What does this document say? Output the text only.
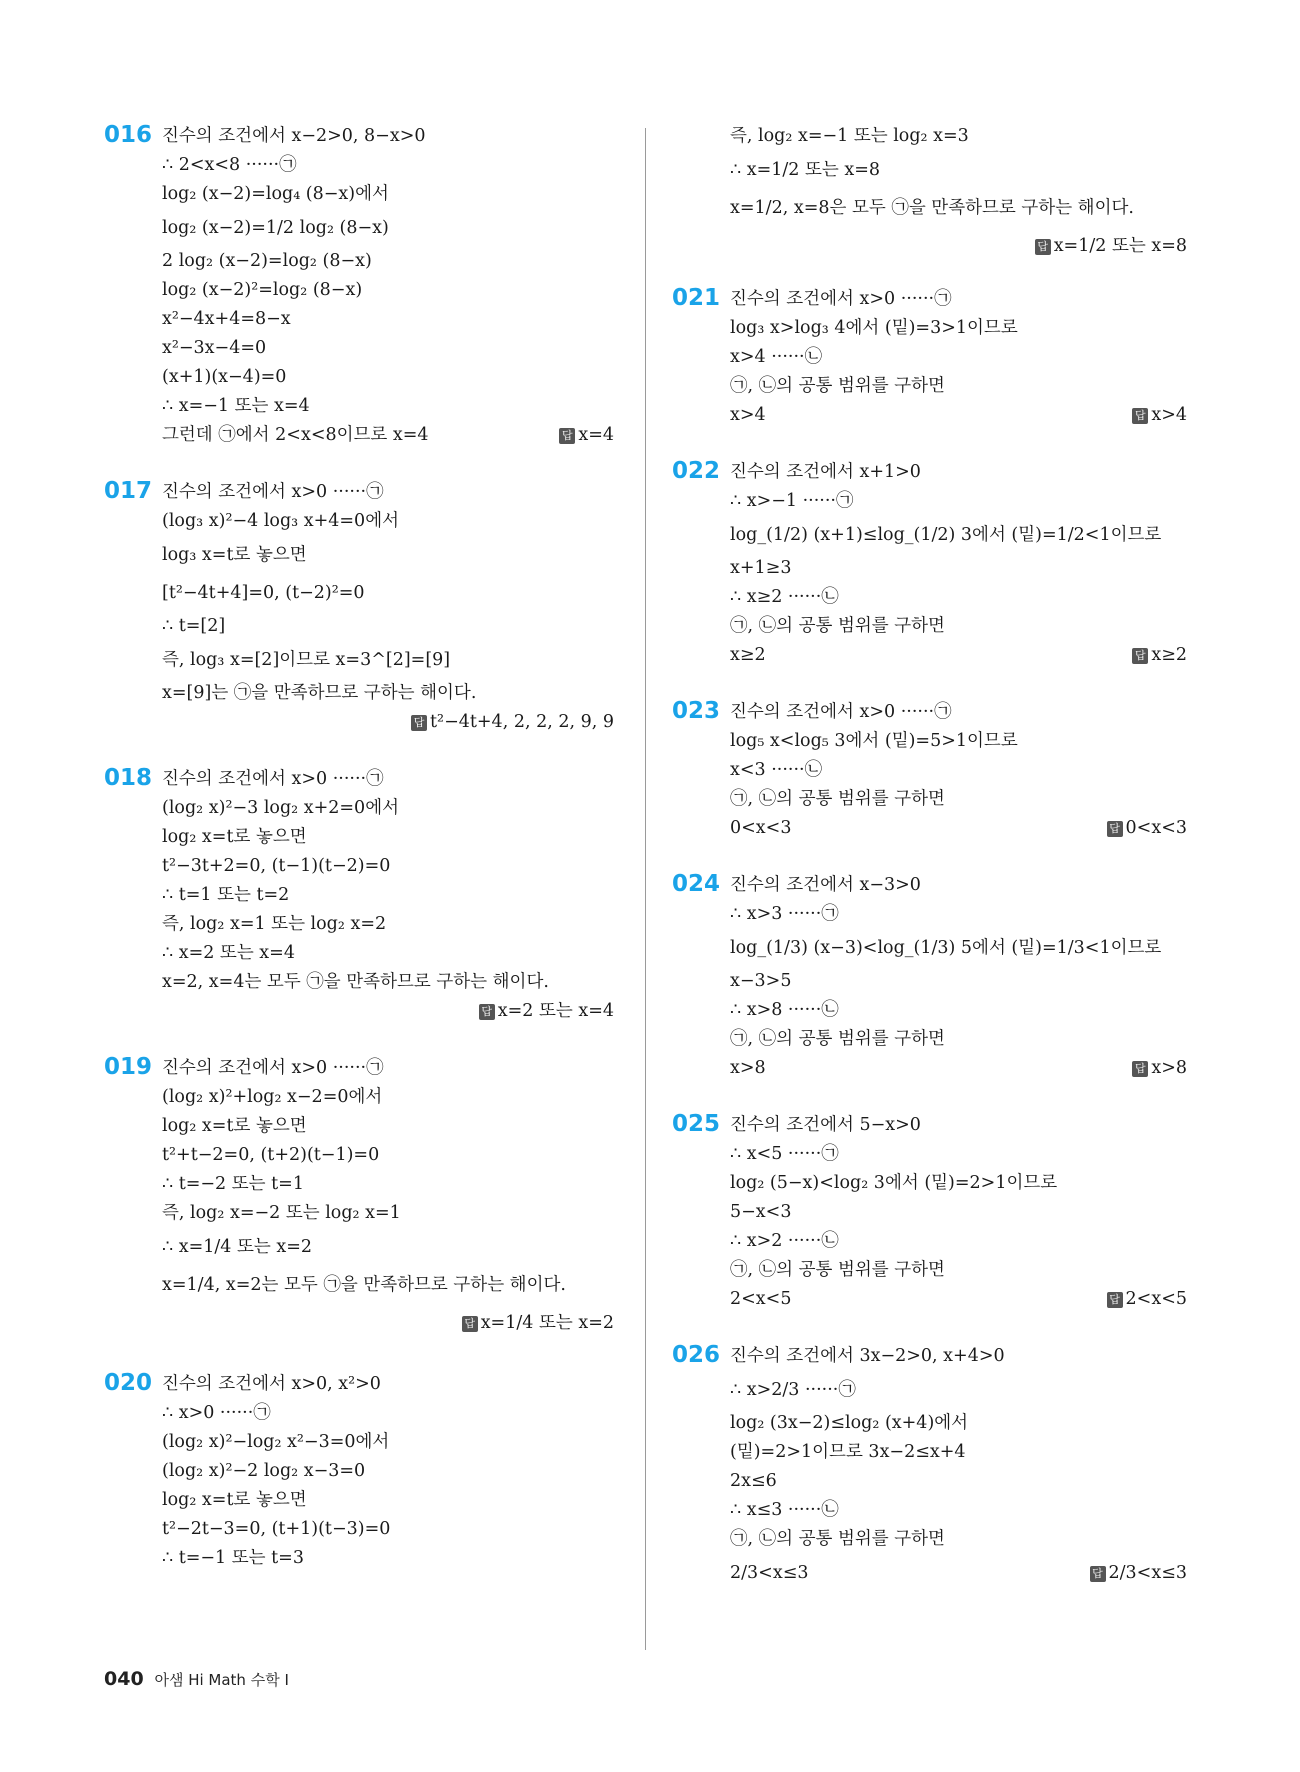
016 진수의 조건에서 x−2>0, 8−x>0
∴ 2<x<8 ······㉠
log₂ (x−2)=log₄ (8−x)에서
log₂ (x−2)=1/2 log₂ (8−x)
2 log₂ (x−2)=log₂ (8−x)
log₂ (x−2)²=log₂ (8−x)
x²−4x+4=8−x
x²−3x−4=0
(x+1)(x−4)=0
∴ x=−1 또는 x=4
그런데 ㉠에서 2<x<8이므로 x=4	답 x=4
017 진수의 조건에서 x>0 ······㉠
(log₃ x)²−4 log₃ x+4=0에서
log₃ x=t로 놓으면
[t²−4t+4]=0, (t−2)²=0
∴ t=[2]
즉, log₃ x=[2]이므로 x=3^[2]=[9]
x=[9]는 ㉠을 만족하므로 구하는 해이다.
답 t²−4t+4, 2, 2, 2, 9, 9
018 진수의 조건에서 x>0 ······㉠
(log₂ x)²−3 log₂ x+2=0에서
log₂ x=t로 놓으면
t²−3t+2=0, (t−1)(t−2)=0
∴ t=1 또는 t=2
즉, log₂ x=1 또는 log₂ x=2
∴ x=2 또는 x=4
x=2, x=4는 모두 ㉠을 만족하므로 구하는 해이다.
답 x=2 또는 x=4
019 진수의 조건에서 x>0 ······㉠
(log₂ x)²+log₂ x−2=0에서
log₂ x=t로 놓으면
t²+t−2=0, (t+2)(t−1)=0
∴ t=−2 또는 t=1
즉, log₂ x=−2 또는 log₂ x=1
∴ x=1/4 또는 x=2
x=1/4, x=2는 모두 ㉠을 만족하므로 구하는 해이다.
답 x=1/4 또는 x=2
020 진수의 조건에서 x>0, x²>0
∴ x>0 ······㉠
(log₂ x)²−log₂ x²−3=0에서
(log₂ x)²−2 log₂ x−3=0
log₂ x=t로 놓으면
t²−2t−3=0, (t+1)(t−3)=0
∴ t=−1 또는 t=3
즉, log₂ x=−1 또는 log₂ x=3
∴ x=1/2 또는 x=8
x=1/2, x=8은 모두 ㉠을 만족하므로 구하는 해이다.
답 x=1/2 또는 x=8
021 진수의 조건에서 x>0 ······㉠
log₃ x>log₃ 4에서 (밑)=3>1이므로
x>4 ······㉡
㉠, ㉡의 공통 범위를 구하면
x>4	답 x>4
022 진수의 조건에서 x+1>0
∴ x>−1 ······㉠
log_(1/2) (x+1)≤log_(1/2) 3에서 (밑)=1/2<1이므로
x+1≥3
∴ x≥2 ······㉡
㉠, ㉡의 공통 범위를 구하면
x≥2	답 x≥2
023 진수의 조건에서 x>0 ······㉠
log₅ x<log₅ 3에서 (밑)=5>1이므로
x<3 ······㉡
㉠, ㉡의 공통 범위를 구하면
0<x<3	답 0<x<3
024 진수의 조건에서 x−3>0
∴ x>3 ······㉠
log_(1/3) (x−3)<log_(1/3) 5에서 (밑)=1/3<1이므로
x−3>5
∴ x>8 ······㉡
㉠, ㉡의 공통 범위를 구하면
x>8	답 x>8
025 진수의 조건에서 5−x>0
∴ x<5 ······㉠
log₂ (5−x)<log₂ 3에서 (밑)=2>1이므로
5−x<3
∴ x>2 ······㉡
㉠, ㉡의 공통 범위를 구하면
2<x<5	답 2<x<5
026 진수의 조건에서 3x−2>0, x+4>0
∴ x>2/3 ······㉠
log₂ (3x−2)≤log₂ (x+4)에서
(밑)=2>1이므로 3x−2≤x+4
2x≤6
∴ x≤3 ······㉡
㉠, ㉡의 공통 범위를 구하면
2/3<x≤3	답 2/3<x≤3
040 아샘 Hi Math 수학 I
